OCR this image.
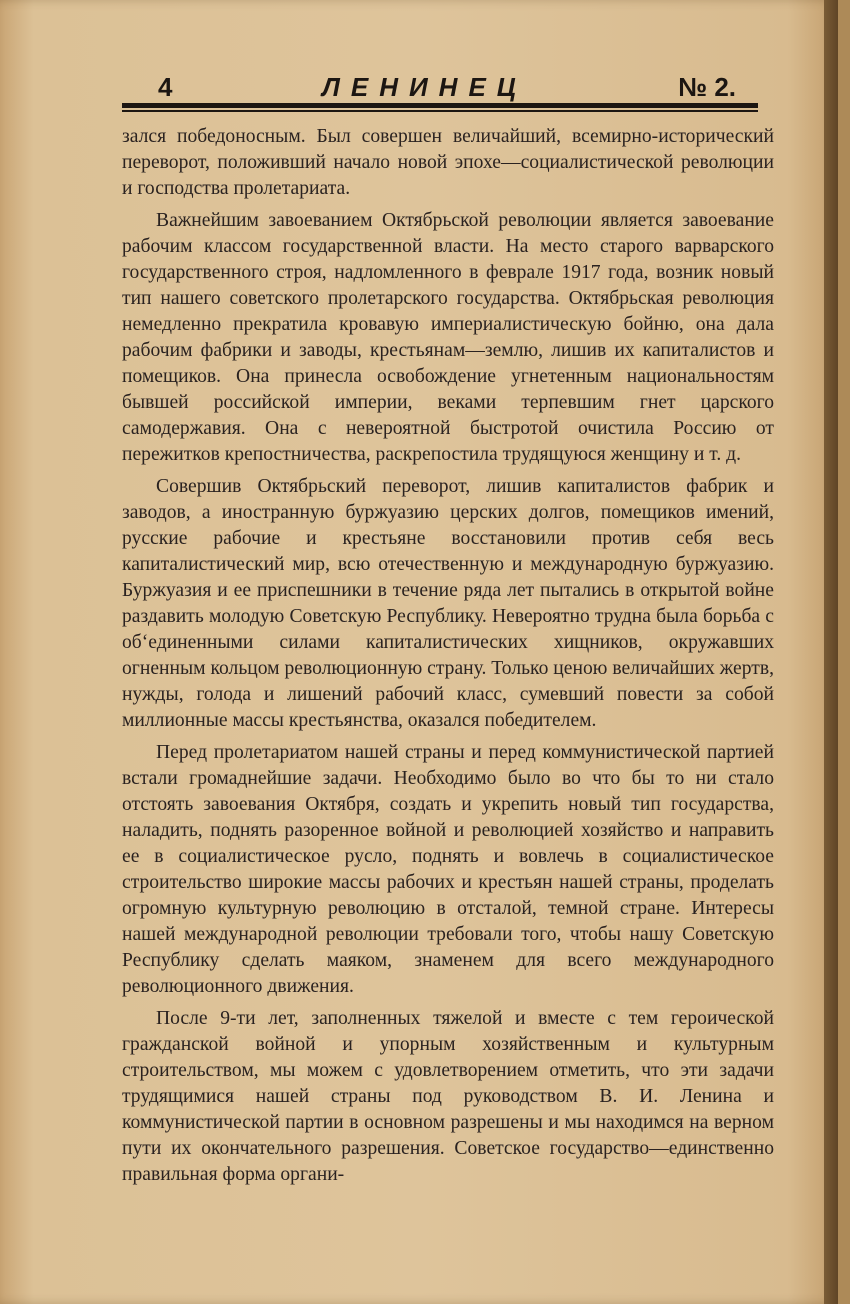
4	ЛЕНИНЕЦ	№ 2.

зался победоносным. Был совершен величайший, всемирно-исторический переворот, положивший начало новой эпохе—социалистической революции и господства пролетариата.

Важнейшим завоеванием Октябрьской революции является завоевание рабочим классом государственной власти. На место старого варварского государственного строя, надломленного в феврале 1917 года, возник новый тип нашего советского пролетарского государства. Октябрьская революция немедленно прекратила кровавую империалистическую бойню, она дала рабочим фабрики и заводы, крестьянам—землю, лишив их капиталистов и помещиков. Она принесла освобождение угнетенным национальностям бывшей российской империи, веками терпевшим гнет царского самодержавия. Она с невероятной быстротой очистила Россию от пережитков крепостничества, раскрепостила трудящуюся женщину и т. д.

Совершив Октябрьский переворот, лишив капиталистов фабрик и заводов, а иностранную буржуазию церских долгов, помещиков имений, русские рабочие и крестьяне восстановили против себя весь капиталистический мир, всю отечественную и международную буржуазию. Буржуазия и ее приспешники в течение ряда лет пытались в открытой войне раздавить молодую Советскую Республику. Невероятно трудна была борьба с об‘единенными силами капиталистических хищников, окружавших огненным кольцом революционную страну. Только ценою величайших жертв, нужды, голода и лишений рабочий класс, сумевший повести за собой миллионные массы крестьянства, оказался победителем.

Перед пролетариатом нашей страны и перед коммунистической партией встали громаднейшие задачи. Необходимо было во что бы то ни стало отстоять завоевания Октября, создать и укрепить новый тип государства, наладить, поднять разоренное войной и революцией хозяйство и направить ее в социалистическое русло, поднять и вовлечь в социалистическое строительство широкие массы рабочих и крестьян нашей страны, проделать огромную культурную революцию в отсталой, темной стране. Интересы нашей международной революции требовали того, чтобы нашу Советскую Республику сделать маяком, знаменем для всего международного революционного движения.

После 9-ти лет, заполненных тяжелой и вместе с тем героической гражданской войной и упорным хозяйственным и культурным строительством, мы можем с удовлетворением отметить, что эти задачи трудящимися нашей страны под руководством В. И. Ленина и коммунистической партии в основном разрешены и мы находимся на верном пути их окончательного разрешения. Советское государство—единственно правильная форма органи-
